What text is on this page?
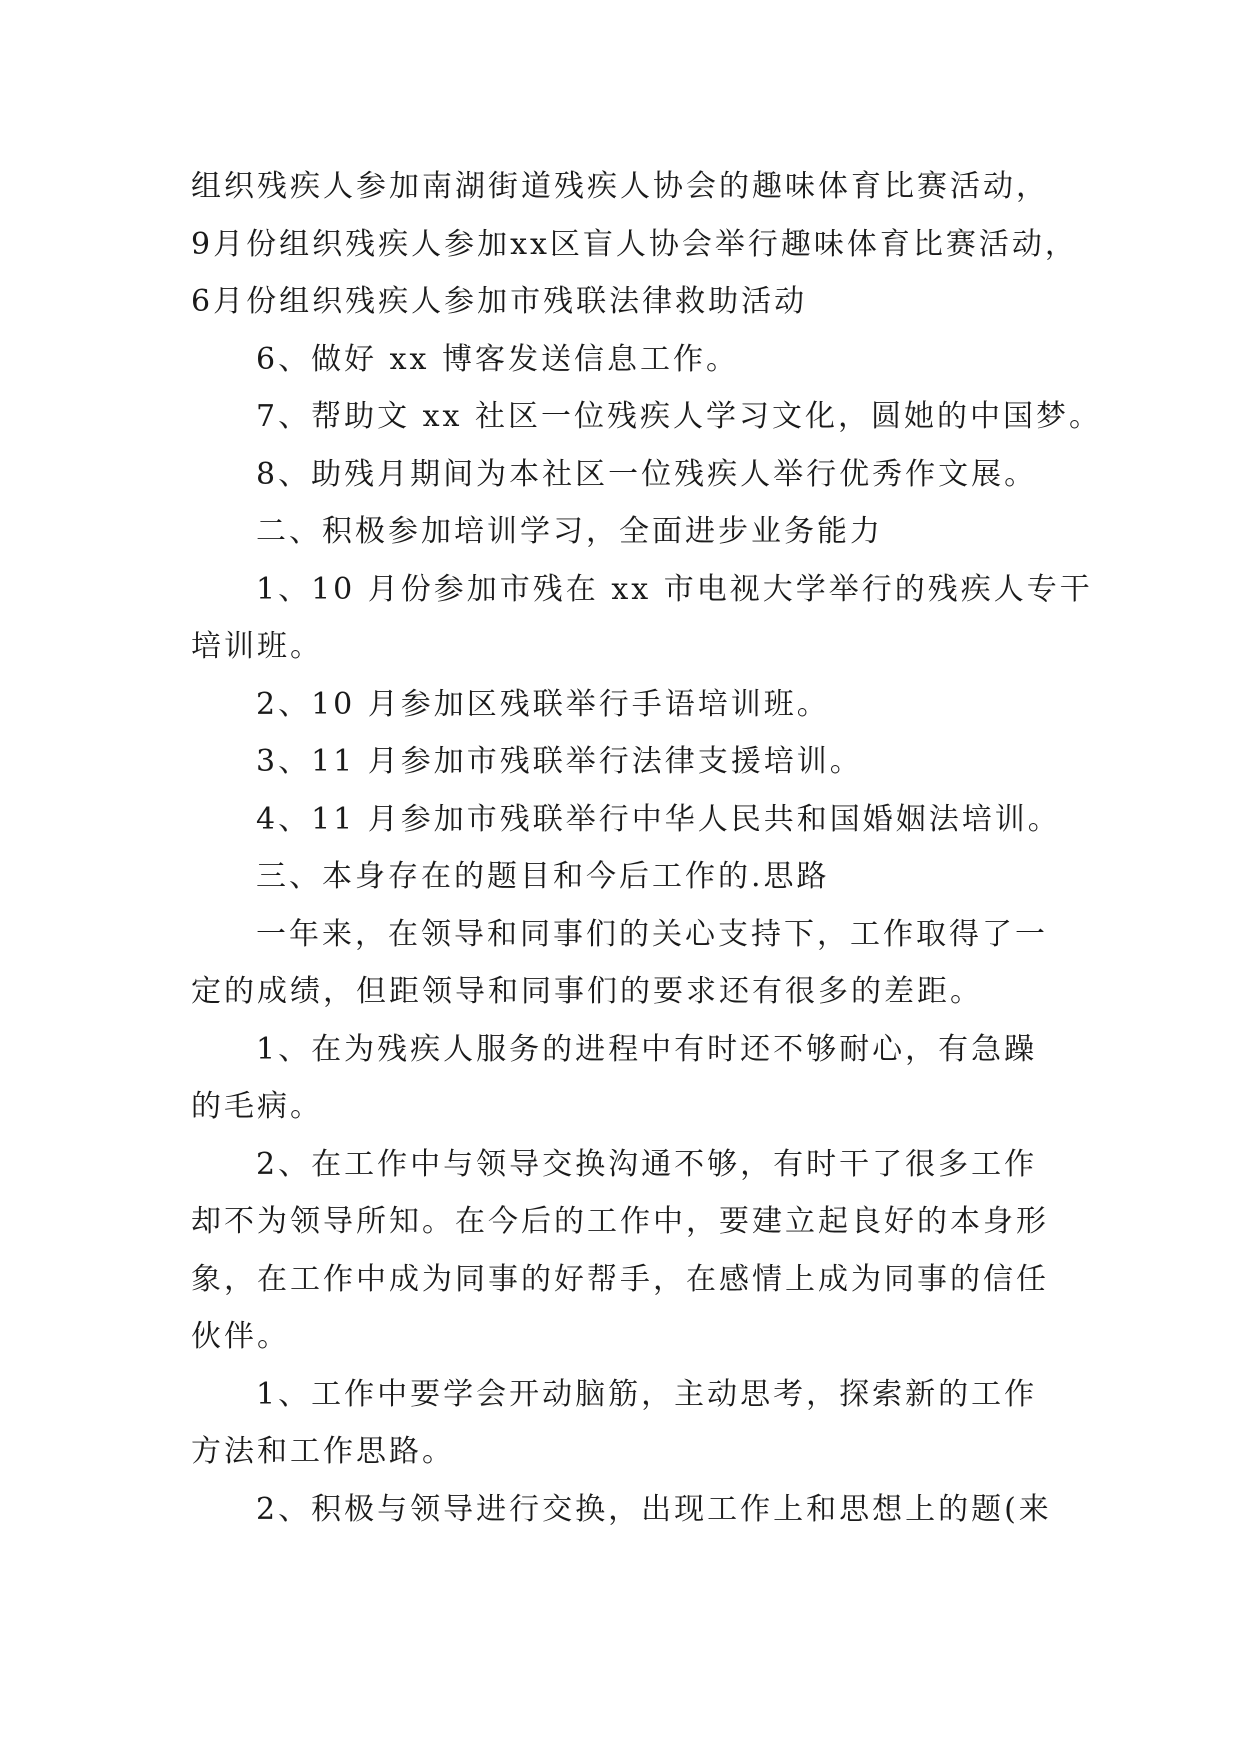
组织残疾人参加南湖街道残疾人协会的趣味体育比赛活动，
9月份组织残疾人参加xx区盲人协会举行趣味体育比赛活动，
6月份组织残疾人参加市残联法律救助活动
6、做好 xx 博客发送信息工作。
7、帮助文 xx 社区一位残疾人学习文化，圆她的中国梦。
8、助残月期间为本社区一位残疾人举行优秀作文展。
二、积极参加培训学习，全面进步业务能力
1、10 月份参加市残在 xx 市电视大学举行的残疾人专干
培训班。
2、10 月参加区残联举行手语培训班。
3、11 月参加市残联举行法律支援培训。
4、11 月参加市残联举行中华人民共和国婚姻法培训。
三、本身存在的题目和今后工作的.思路
一年来，在领导和同事们的关心支持下，工作取得了一
定的成绩，但距领导和同事们的要求还有很多的差距。
1、在为残疾人服务的进程中有时还不够耐心，有急躁
的毛病。
2、在工作中与领导交换沟通不够，有时干了很多工作
却不为领导所知。在今后的工作中，要建立起良好的本身形
象，在工作中成为同事的好帮手，在感情上成为同事的信任
伙伴。
1、工作中要学会开动脑筋，主动思考，探索新的工作
方法和工作思路。
2、积极与领导进行交换，出现工作上和思想上的题(来
